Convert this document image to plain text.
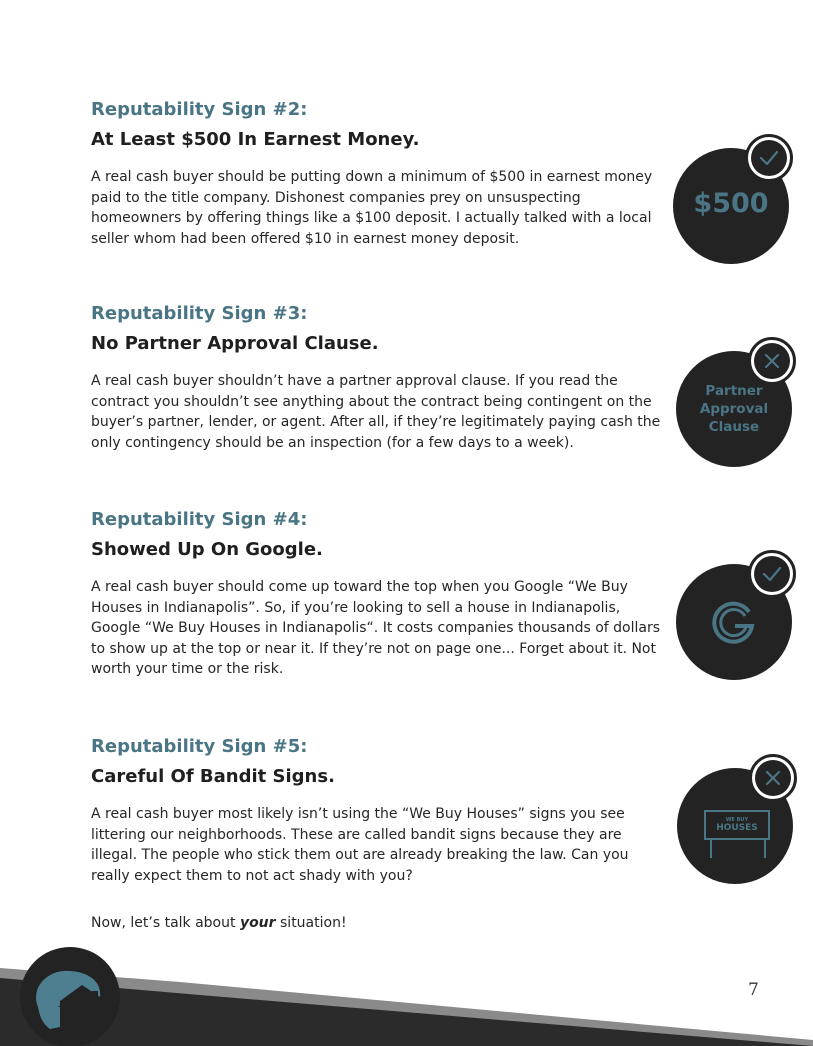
Reputability Sign #2:
At Least $500 In Earnest Money.
A real cash buyer should be putting down a minimum of $500 in earnest money paid to the title company. Dishonest companies prey on unsuspecting homeowners by offering things like a $100 deposit. I actually talked with a local seller whom had been offered $10 in earnest money deposit.
Reputability Sign #3:
No Partner Approval Clause.
A real cash buyer shouldn’t have a partner approval clause. If you read the contract you shouldn’t see anything about the contract being contingent on the buyer’s partner, lender, or agent. After all, if they’re legitimately paying cash the only contingency should be an inspection (for a few days to a week).
Reputability Sign #4:
Showed Up On Google.
A real cash buyer should come up toward the top when you Google “We Buy Houses in Indianapolis”. So, if you’re looking to sell a house in Indianapolis, Google “We Buy Houses in Indianapolis“. It costs companies thousands of dollars to show up at the top or near it. If they’re not on page one... Forget about it. Not worth your time or the risk.
Reputability Sign #5:
Careful Of Bandit Signs.
A real cash buyer most likely isn’t using the “We Buy Houses” signs you see littering our neighborhoods. These are called bandit signs because they are illegal. The people who stick them out are already breaking the law. Can you really expect them to not act shady with you?
Now, let’s talk about your situation!
$500
Partner
Approval
Clause
WE BUY
HOUSES
7
